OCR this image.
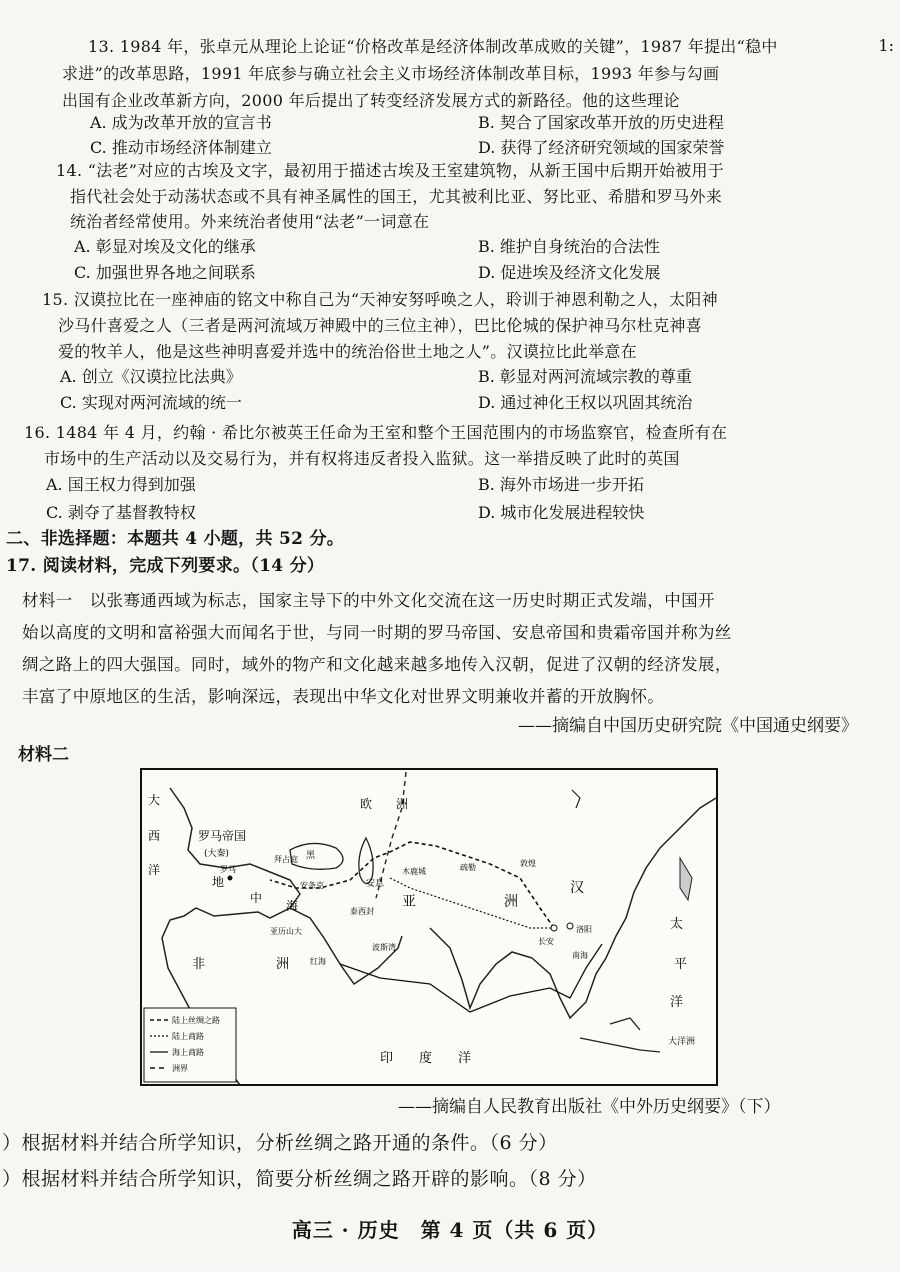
1:
13. 1984 年，张卓元从理论上论证“价格改革是经济体制改革成败的关键”，1987 年提出“稳中
求进”的改革思路，1991 年底参与确立社会主义市场经济体制改革目标，1993 年参与勾画
出国有企业改革新方向，2000 年后提出了转变经济发展方式的新路径。他的这些理论
A. 成为改革开放的宣言书	B. 契合了国家改革开放的历史进程
C. 推动市场经济体制建立	D. 获得了经济研究领域的国家荣誉
14. “法老”对应的古埃及文字，最初用于描述古埃及王室建筑物，从新王国中后期开始被用于
指代社会处于动荡状态或不具有神圣属性的国王，尤其被利比亚、努比亚、希腊和罗马外来
统治者经常使用。外来统治者使用“法老”一词意在
A. 彰显对埃及文化的继承	B. 维护自身统治的合法性
C. 加强世界各地之间联系	D. 促进埃及经济文化发展
15. 汉谟拉比在一座神庙的铭文中称自己为“天神安努呼唤之人，聆训于神恩利勒之人，太阳神
沙马什喜爱之人（三者是两河流域万神殿中的三位主神），巴比伦城的保护神马尔杜克神喜
爱的牧羊人，他是这些神明喜爱并选中的统治俗世土地之人”。汉谟拉比此举意在
A. 创立《汉谟拉比法典》	B. 彰显对两河流域宗教的尊重
C. 实现对两河流域的统一	D. 通过神化王权以巩固其统治
16. 1484 年 4 月，约翰 · 希比尔被英王任命为王室和整个王国范围内的市场监察官，检查所有在
市场中的生产活动以及交易行为，并有权将违反者投入监狱。这一举措反映了此时的英国
A. 国王权力得到加强	B. 海外市场进一步开拓
C. 剥夺了基督教特权	D. 城市化发展进程较快
二、非选择题：本题共 4 小题，共 52 分。
17. 阅读材料，完成下列要求。（14 分）
材料一　以张骞通西域为标志，国家主导下的中外文化交流在这一历史时期正式发端，中国开
始以高度的文明和富裕强大而闻名于世，与同一时期的罗马帝国、安息帝国和贵霜帝国并称为丝
绸之路上的四大强国。同时，域外的物产和文化越来越多地传入汉朝，促进了汉朝的经济发展，
丰富了中原地区的生活，影响深远，表现出中华文化对世界文明兼收并蓄的开放胸怀。
——摘编自中国历史研究院《中国通史纲要》
材料二
欧　　洲
大
西
洋
罗马帝国
(大秦)
罗马
地
中
海
拜占庭 黑
安条克	安息
木鹿城	疏勒	敦煌
亚	洲
汉
长安
洛阳
亚历山大
泰西封
波斯湾
红海
非	洲
南海
太
平
洋
印　　度　　洋
大洋洲
陆上丝绸之路
陆上商路
海上商路
洲界
——摘编自人民教育出版社《中外历史纲要》（下）
）根据材料并结合所学知识，分析丝绸之路开通的条件。（6 分）
）根据材料并结合所学知识，简要分析丝绸之路开辟的影响。（8 分）
高三 · 历史　第 4 页（共 6 页）
